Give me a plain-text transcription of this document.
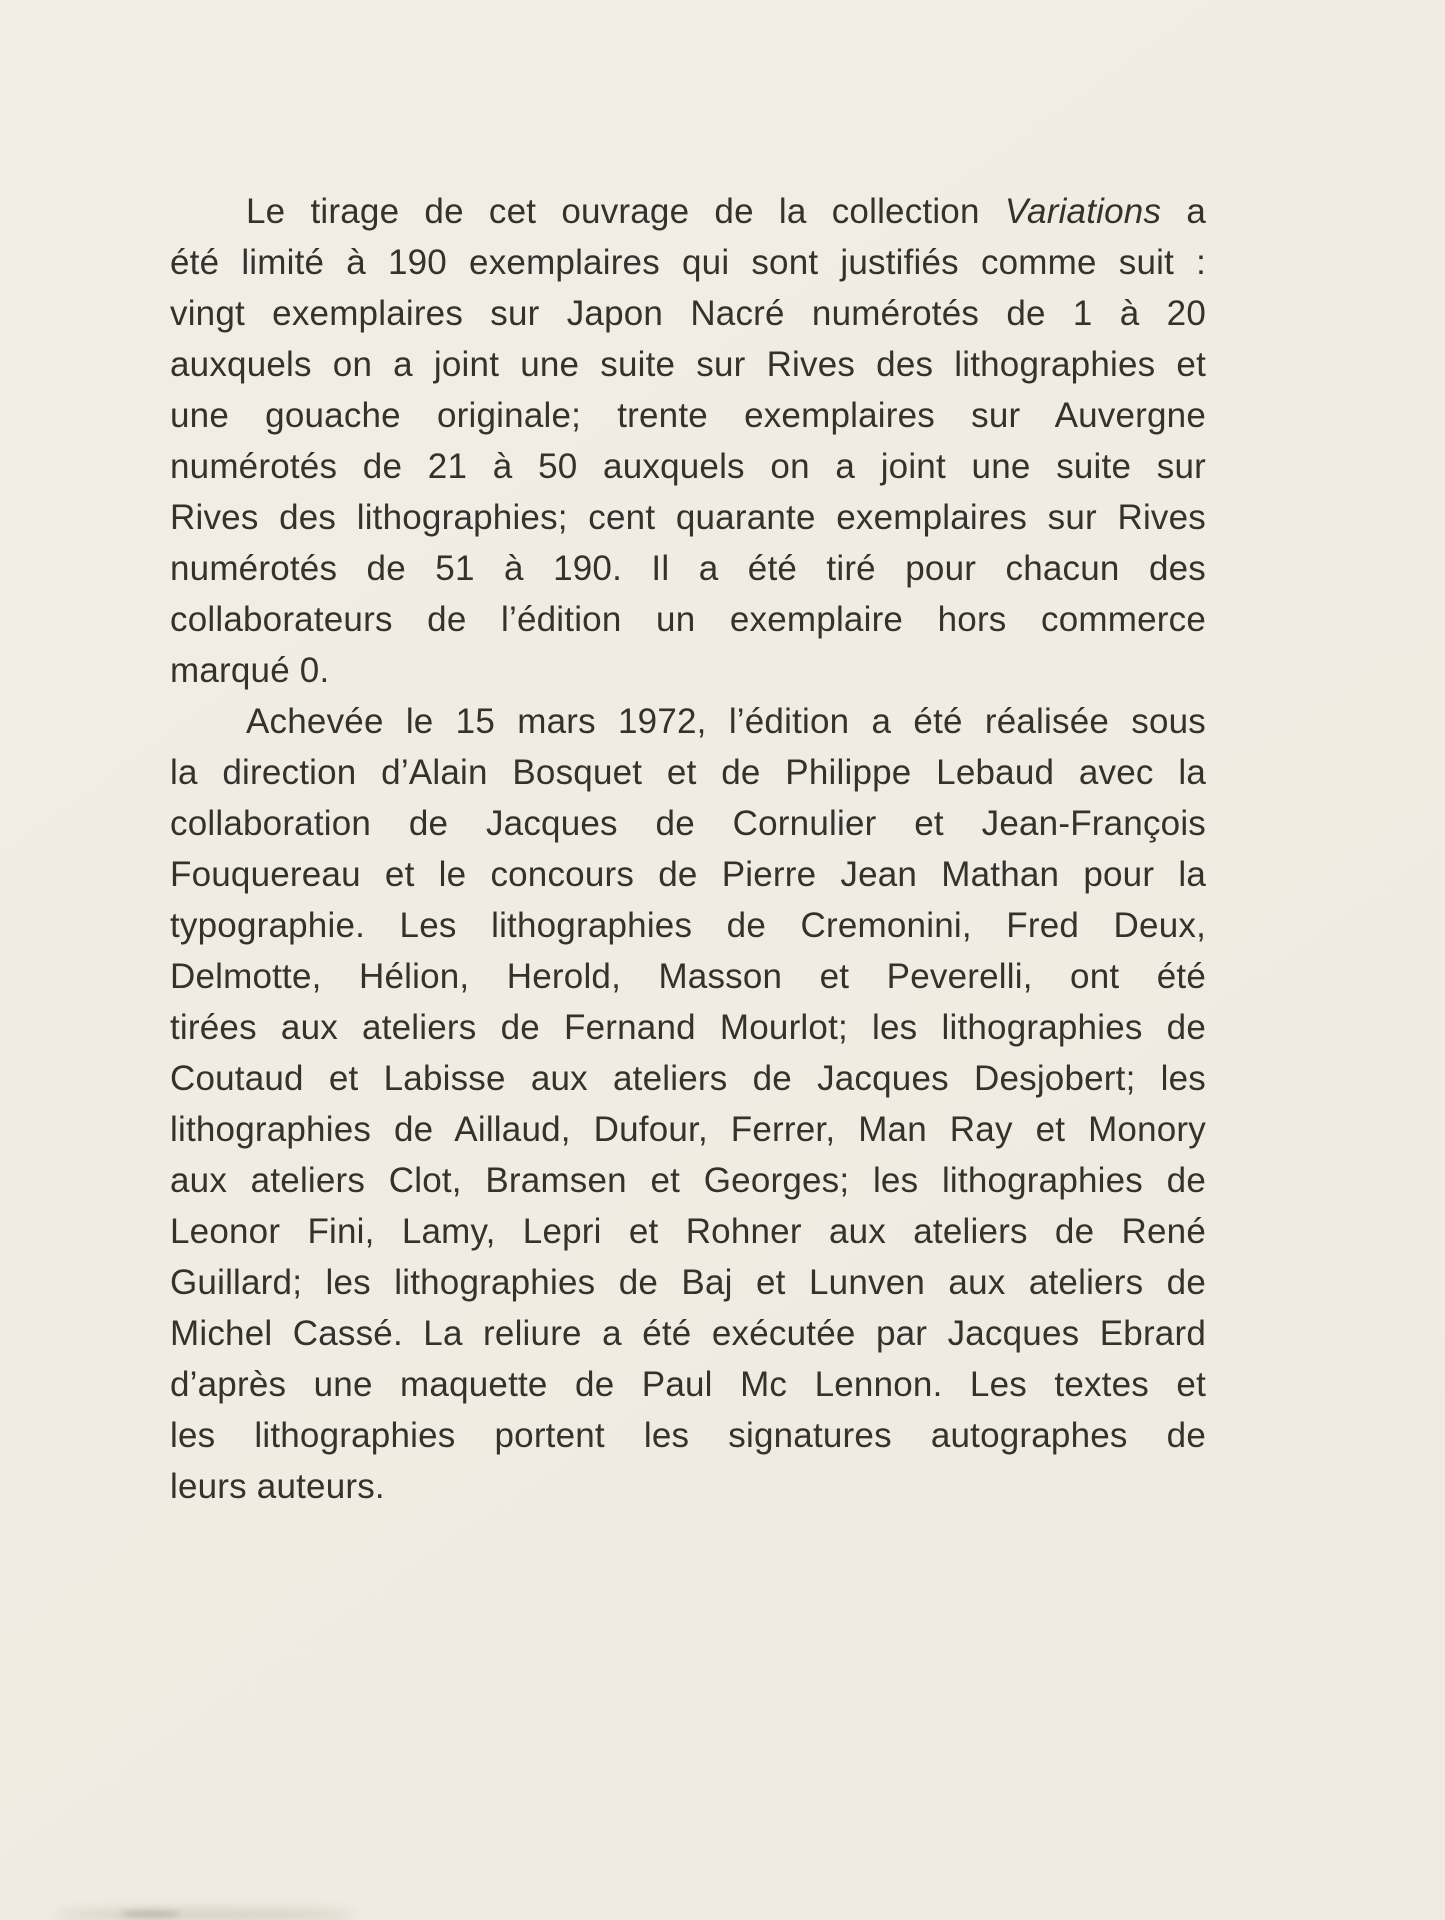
Le tirage de cet ouvrage de la collection Variations a
été limité à 190 exemplaires qui sont justifiés comme suit :
vingt exemplaires sur Japon Nacré numérotés de 1 à 20
auxquels on a joint une suite sur Rives des lithographies et
une gouache originale; trente exemplaires sur Auvergne
numérotés de 21 à 50 auxquels on a joint une suite sur
Rives des lithographies; cent quarante exemplaires sur Rives
numérotés de 51 à 190. Il a été tiré pour chacun des
collaborateurs de l’édition un exemplaire hors commerce
marqué 0.
Achevée le 15 mars 1972, l’édition a été réalisée sous
la direction d’Alain Bosquet et de Philippe Lebaud avec la
collaboration de Jacques de Cornulier et Jean-François
Fouquereau et le concours de Pierre Jean Mathan pour la
typographie. Les lithographies de Cremonini, Fred Deux,
Delmotte, Hélion, Herold, Masson et Peverelli, ont été
tirées aux ateliers de Fernand Mourlot; les lithographies de
Coutaud et Labisse aux ateliers de Jacques Desjobert; les
lithographies de Aillaud, Dufour, Ferrer, Man Ray et Monory
aux ateliers Clot, Bramsen et Georges; les lithographies de
Leonor Fini, Lamy, Lepri et Rohner aux ateliers de René
Guillard; les lithographies de Baj et Lunven aux ateliers de
Michel Cassé. La reliure a été exécutée par Jacques Ebrard
d’après une maquette de Paul Mc Lennon. Les textes et
les lithographies portent les signatures autographes de
leurs auteurs.
